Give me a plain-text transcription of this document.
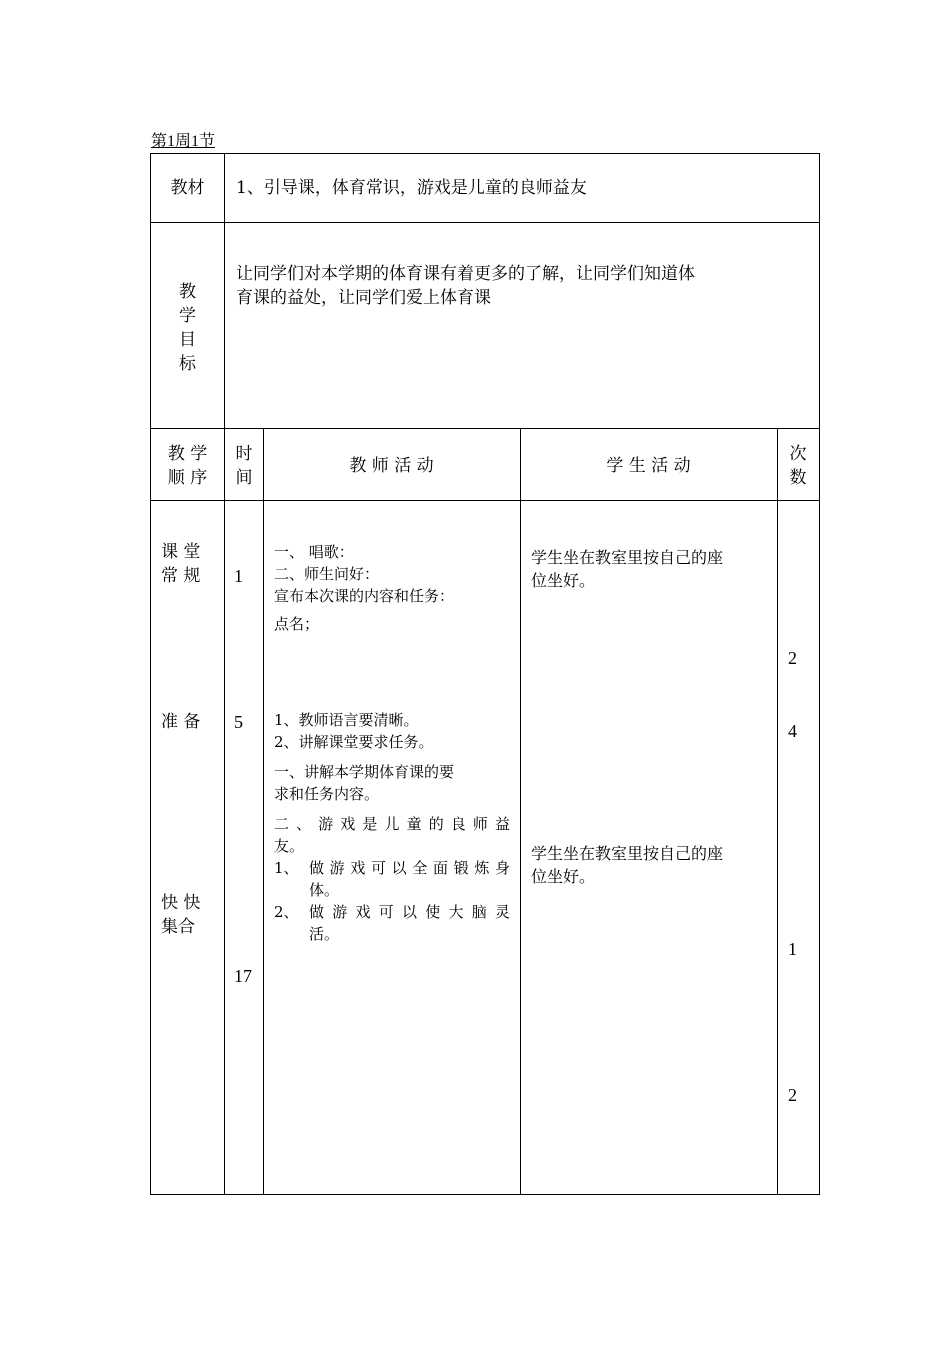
第1周1节
教材	1、引导课，体育常识，游戏是儿童的良师益友
教
学
目
标
让同学们对本学期的体育课有着更多的了解，让同学们知道体
育课的益处，让同学们爱上体育课
教 学
顺 序
时
间
教 师 活 动	学 生 活 动
次
数
课 堂
常 规
准 备
快 快
集合
1
5
17
一、 唱歌：
二、师生问好：
宣布本次课的内容和任务：
点名；
1、教师语言要清晰。
2、讲解课堂要求任务。
一、讲解本学期体育课的要
求和任务内容。
二、游戏是儿童的良师益
友。
1、 做游戏可以全面锻炼身
体。
2、 做游戏可以使大脑灵
活。
学生坐在教室里按自己的座
位坐好。
学生坐在教室里按自己的座
位坐好。
2
4
1
2
